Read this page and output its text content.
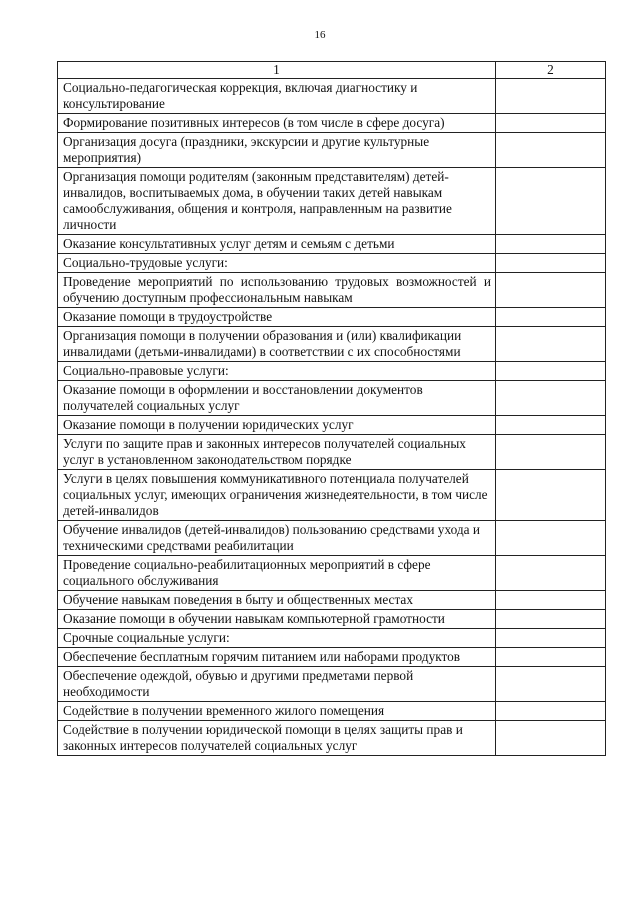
16
1	2
Социально-педагогическая коррекция, включая диагностику и консультирование	
Формирование позитивных интересов (в том числе в сфере досуга)	
Организация досуга (праздники, экскурсии и другие культурные мероприятия)	
Организация помощи родителям (законным представителям) детей-инвалидов, воспитываемых дома, в обучении таких детей навыкам самообслуживания, общения и контроля, направленным на развитие личности	
Оказание консультативных услуг детям и семьям с детьми	
Социально-трудовые услуги:	
Проведение мероприятий по использованию трудовых возможностей и обучению доступным профессиональным навыкам	
Оказание помощи в трудоустройстве	
Организация помощи в получении образования и (или) квалификации инвалидами (детьми-инвалидами) в соответствии с их способностями	
Социально-правовые услуги:	
Оказание помощи в оформлении и восстановлении документов получателей социальных услуг	
Оказание помощи в получении юридических услуг	
Услуги по защите прав и законных интересов получателей социальных услуг в установленном законодательством порядке	
Услуги в целях повышения коммуникативного потенциала получателей социальных услуг, имеющих ограничения жизнедеятельности, в том числе детей-инвалидов	
Обучение инвалидов (детей-инвалидов) пользованию средствами ухода и техническими средствами реабилитации	
Проведение социально-реабилитационных мероприятий в сфере социального обслуживания	
Обучение навыкам поведения в быту и общественных местах	
Оказание помощи в обучении навыкам компьютерной грамотности	
Срочные социальные услуги:	
Обеспечение бесплатным горячим питанием или наборами продуктов	
Обеспечение одеждой, обувью и другими предметами первой необходимости	
Содействие в получении временного жилого помещения	
Содействие в получении юридической помощи в целях защиты прав и законных интересов получателей социальных услуг	
